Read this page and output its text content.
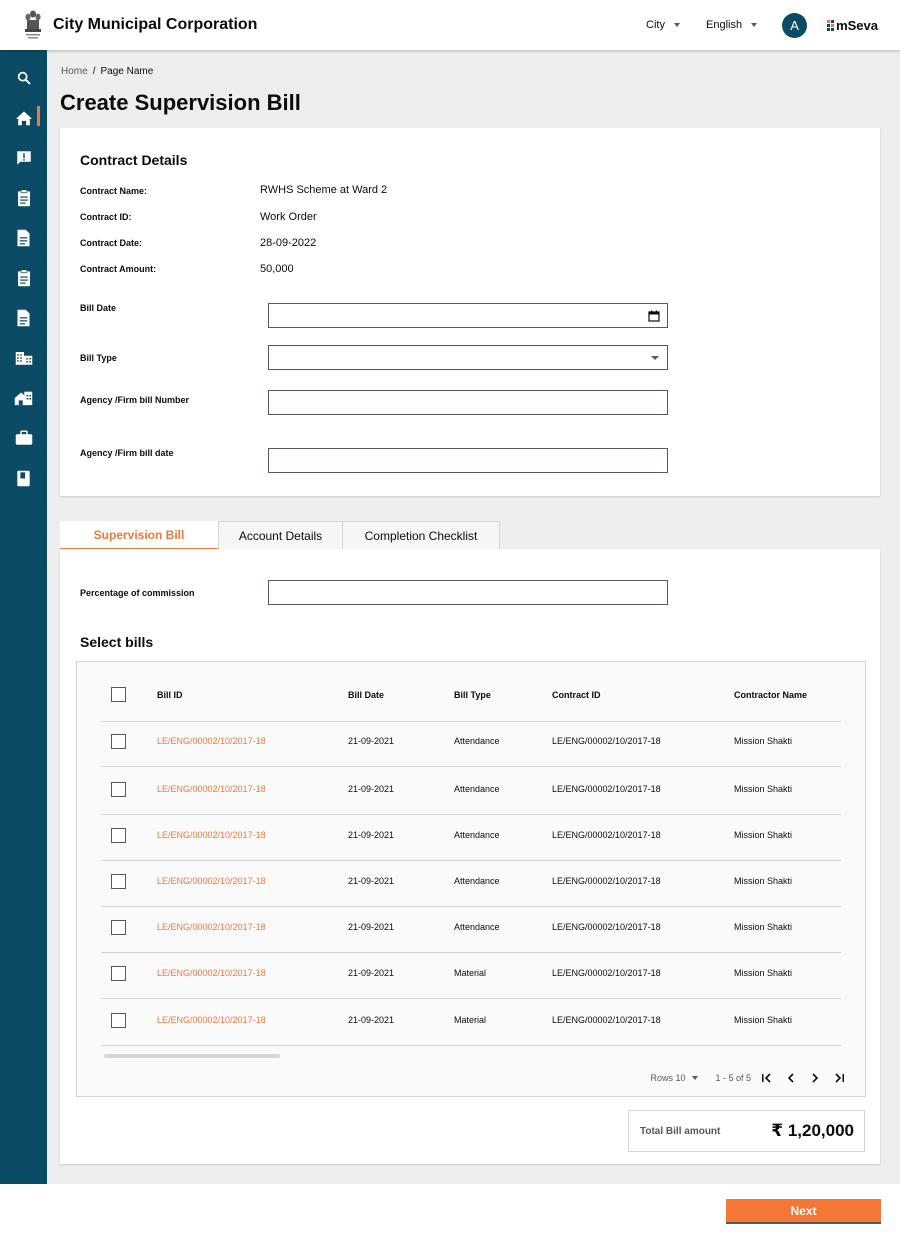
City Municipal Corporation	City	English	A	mSeva
Home / Page Name
Create Supervision Bill
Contract Details
Contract Name:	RWHS Scheme at Ward 2
Contract ID:	Work Order
Contract Date:	28-09-2022
Contract Amount:	50,000
Bill Date
Bill Type
Agency /Firm bill Number
Agency /Firm bill date
Supervision Bill	Account Details	Completion Checklist
Percentage of commission
Select bills
Bill ID	Bill Date	Bill Type	Contract ID	Contractor Name
LE/ENG/00002/10/2017-18	21-09-2021	Attendance	LE/ENG/00002/10/2017-18	Mission Shakti
LE/ENG/00002/10/2017-18	21-09-2021	Attendance	LE/ENG/00002/10/2017-18	Mission Shakti
LE/ENG/00002/10/2017-18	21-09-2021	Attendance	LE/ENG/00002/10/2017-18	Mission Shakti
LE/ENG/00002/10/2017-18	21-09-2021	Attendance	LE/ENG/00002/10/2017-18	Mission Shakti
LE/ENG/00002/10/2017-18	21-09-2021	Attendance	LE/ENG/00002/10/2017-18	Mission Shakti
LE/ENG/00002/10/2017-18	21-09-2021	Material	LE/ENG/00002/10/2017-18	Mission Shakti
LE/ENG/00002/10/2017-18	21-09-2021	Material	LE/ENG/00002/10/2017-18	Mission Shakti
Rows 10	1 - 5 of 5
Total Bill amount	₹ 1,20,000
Next
